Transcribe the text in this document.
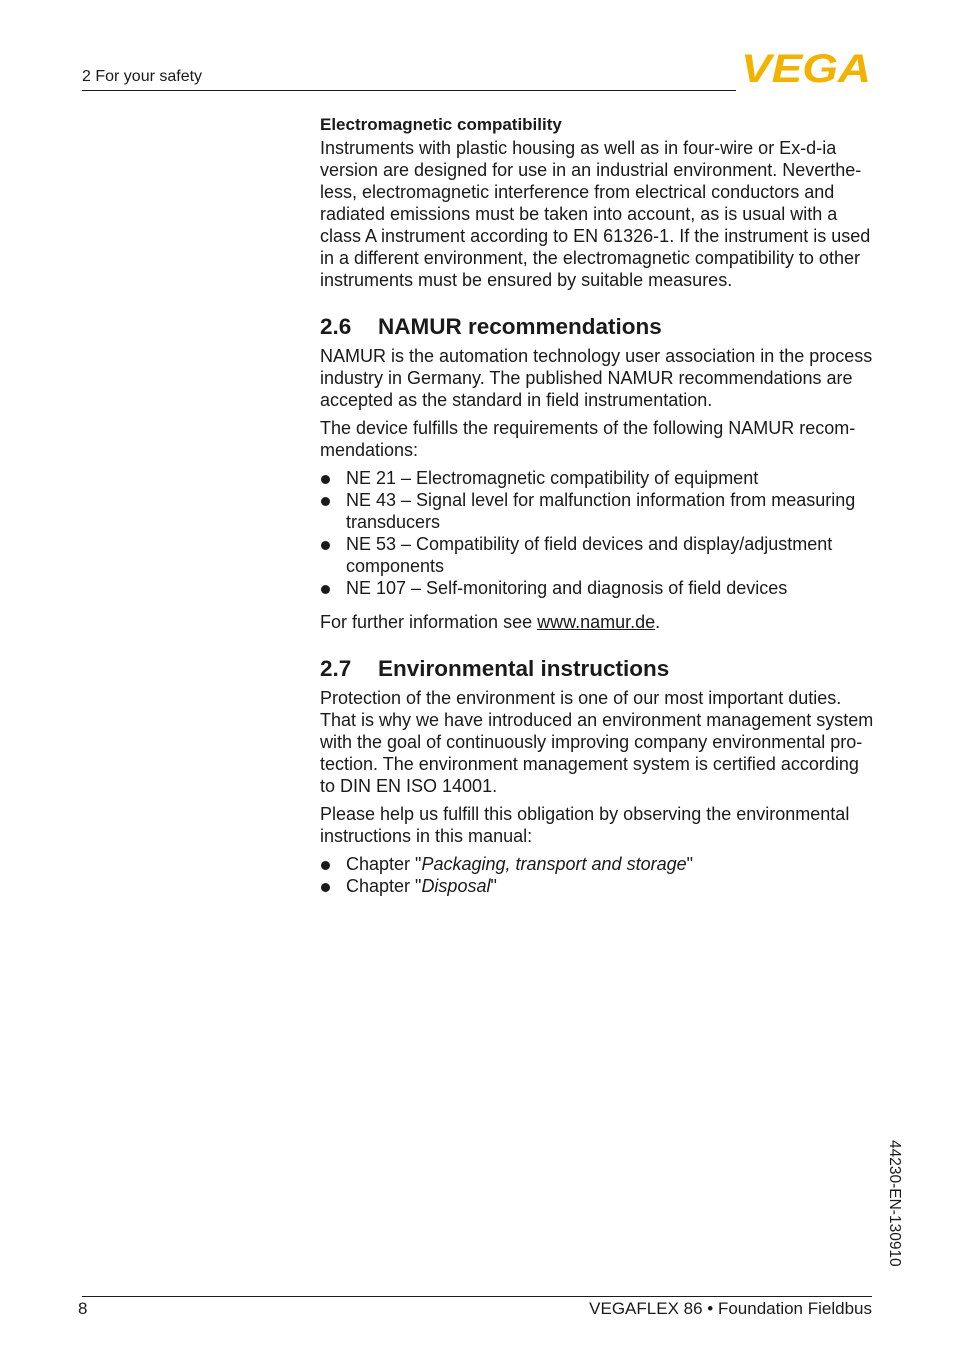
2 For your safety	VEGA

Electromagnetic compatibility

Instruments with plastic housing as well as in four-wire or Ex-d-ia
version are designed for use in an industrial environment. Neverthe-
less, electromagnetic interference from electrical conductors and
radiated emissions must be taken into account, as is usual with a
class A instrument according to EN 61326-1. If the instrument is used
in a different environment, the electromagnetic compatibility to other
instruments must be ensured by suitable measures.

2.6	NAMUR recommendations

NAMUR is the automation technology user association in the process
industry in Germany. The published NAMUR recommendations are
accepted as the standard in field instrumentation.

The device fulfills the requirements of the following NAMUR recom-
mendations:

NE 21 – Electromagnetic compatibility of equipment
NE 43 – Signal level for malfunction information from measuring
transducers
NE 53 – Compatibility of field devices and display/adjustment
components
NE 107 – Self-monitoring and diagnosis of field devices

For further information see www.namur.de.

2.7	Environmental instructions

Protection of the environment is one of our most important duties.
That is why we have introduced an environment management system
with the goal of continuously improving company environmental pro-
tection. The environment management system is certified according
to DIN EN ISO 14001.

Please help us fulfill this obligation by observing the environmental
instructions in this manual:

Chapter "Packaging, transport and storage"
Chapter "Disposal"
44230-EN-130910
8	VEGAFLEX 86 • Foundation Fieldbus
